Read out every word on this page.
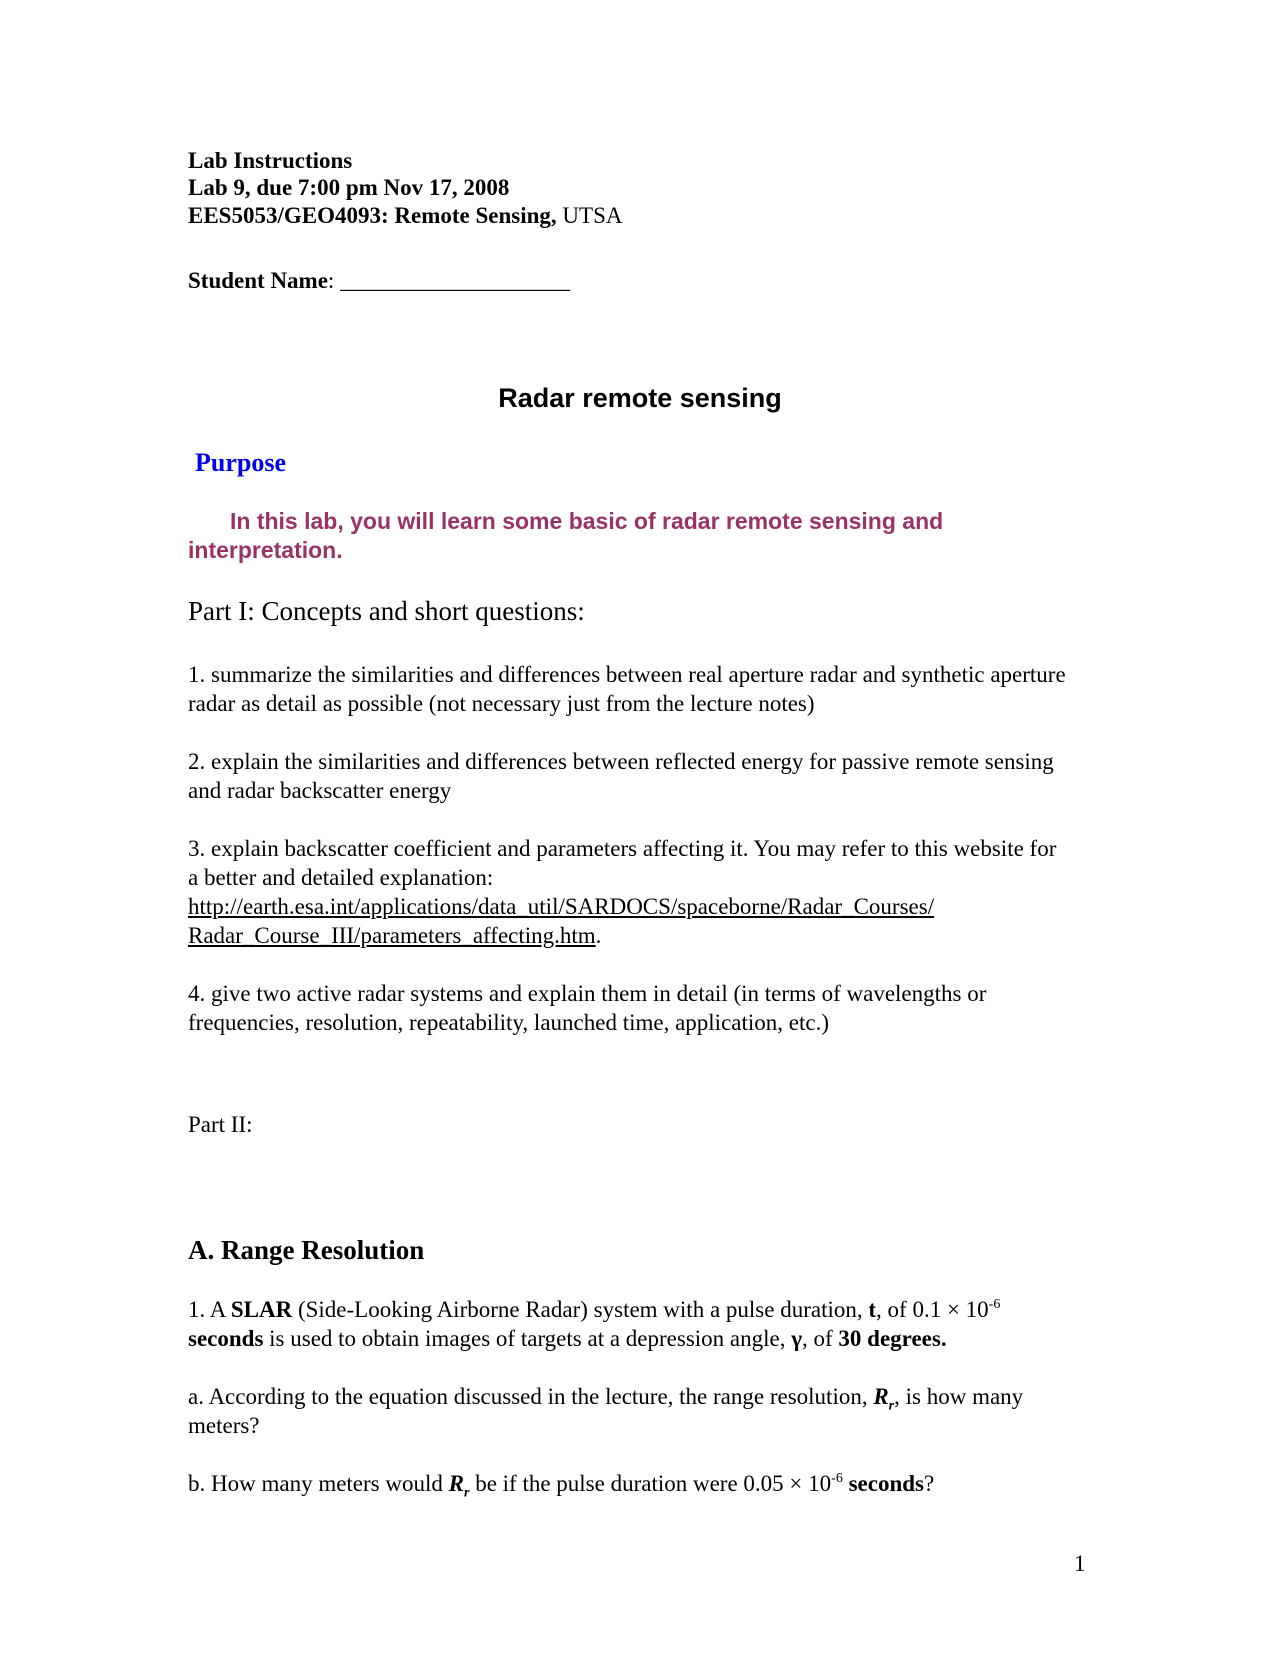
Lab Instructions

Lab 9, due 7:00 pm Nov 17, 2008

EES5053/GEO4093: Remote Sensing, UTSA

Student Name: ____________________

Radar remote sensing
Purpose

In this lab, you will learn some basic of radar remote sensing and interpretation.

Part I: Concepts and short questions:

1. summarize the similarities and differences between real aperture radar and synthetic aperture radar as detail as possible (not necessary just from the lecture notes)

2. explain the similarities and differences between reflected energy for passive remote sensing and radar backscatter energy

3. explain backscatter coefficient and parameters affecting it. You may refer to this website for a better and detailed explanation:
http://earth.esa.int/applications/data_util/SARDOCS/spaceborne/Radar_Courses/
Radar_Course_III/parameters_affecting.htm.

4. give two active radar systems and explain them in detail (in terms of wavelengths or frequencies, resolution, repeatability, launched time, application, etc.)

Part II:

A. Range Resolution

1. A SLAR (Side-Looking Airborne Radar) system with a pulse duration, t, of $0.1 \times 10^{-6}$
seconds is used to obtain images of targets at a depression angle, γ, of 30 degrees.

a. According to the equation discussed in the lecture, the range resolution, $R_r$, is how many meters?

b. How many meters would $R_r$ be if the pulse duration were $0.05 \times 10^{-6}$ seconds?

1
